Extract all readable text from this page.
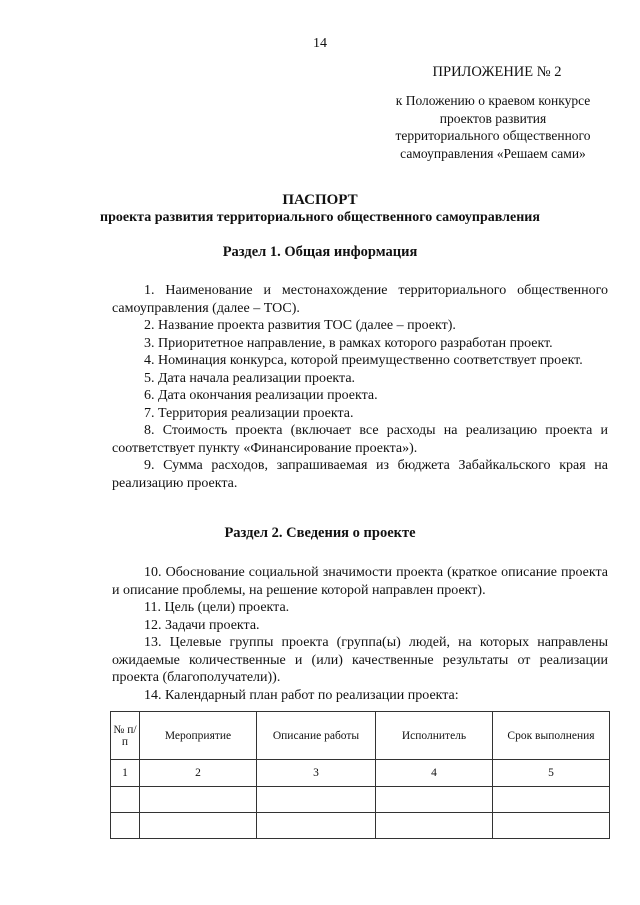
14
ПРИЛОЖЕНИЕ № 2
к Положению о краевом конкурсе
проектов развития
территориального общественного
самоуправления «Решаем сами»
ПАСПОРТ
проекта развития территориального общественного самоуправления
Раздел 1. Общая информация

1. Наименование и местонахождение территориального общественного самоуправления (далее – ТОС).

2. Название проекта развития ТОС (далее – проект).

3. Приоритетное направление, в рамках которого разработан проект.

4. Номинация конкурса, которой преимущественно соответствует проект.

5. Дата начала реализации проекта.

6. Дата окончания реализации проекта.

7. Территория реализации проекта.

8. Стоимость проекта (включает все расходы на реализацию проекта и соответствует пункту «Финансирование проекта»).

9. Сумма расходов, запрашиваемая из бюджета Забайкальского края на реализацию проекта.

Раздел 2. Сведения о проекте

10. Обоснование социальной значимости проекта (краткое описание проекта и описание проблемы, на решение которой направлен проект).

11. Цель (цели) проекта.

12. Задачи проекта.

13. Целевые группы проекта (группа(ы) людей, на которых направлены ожидаемые количественные и (или) качественные результаты от реализации проекта (благополучатели)).

14. Календарный план работ по реализации проекта:

№ п/п	Мероприятие	Описание работы	Исполнитель	Срок выполнения
1	2	3	4	5
